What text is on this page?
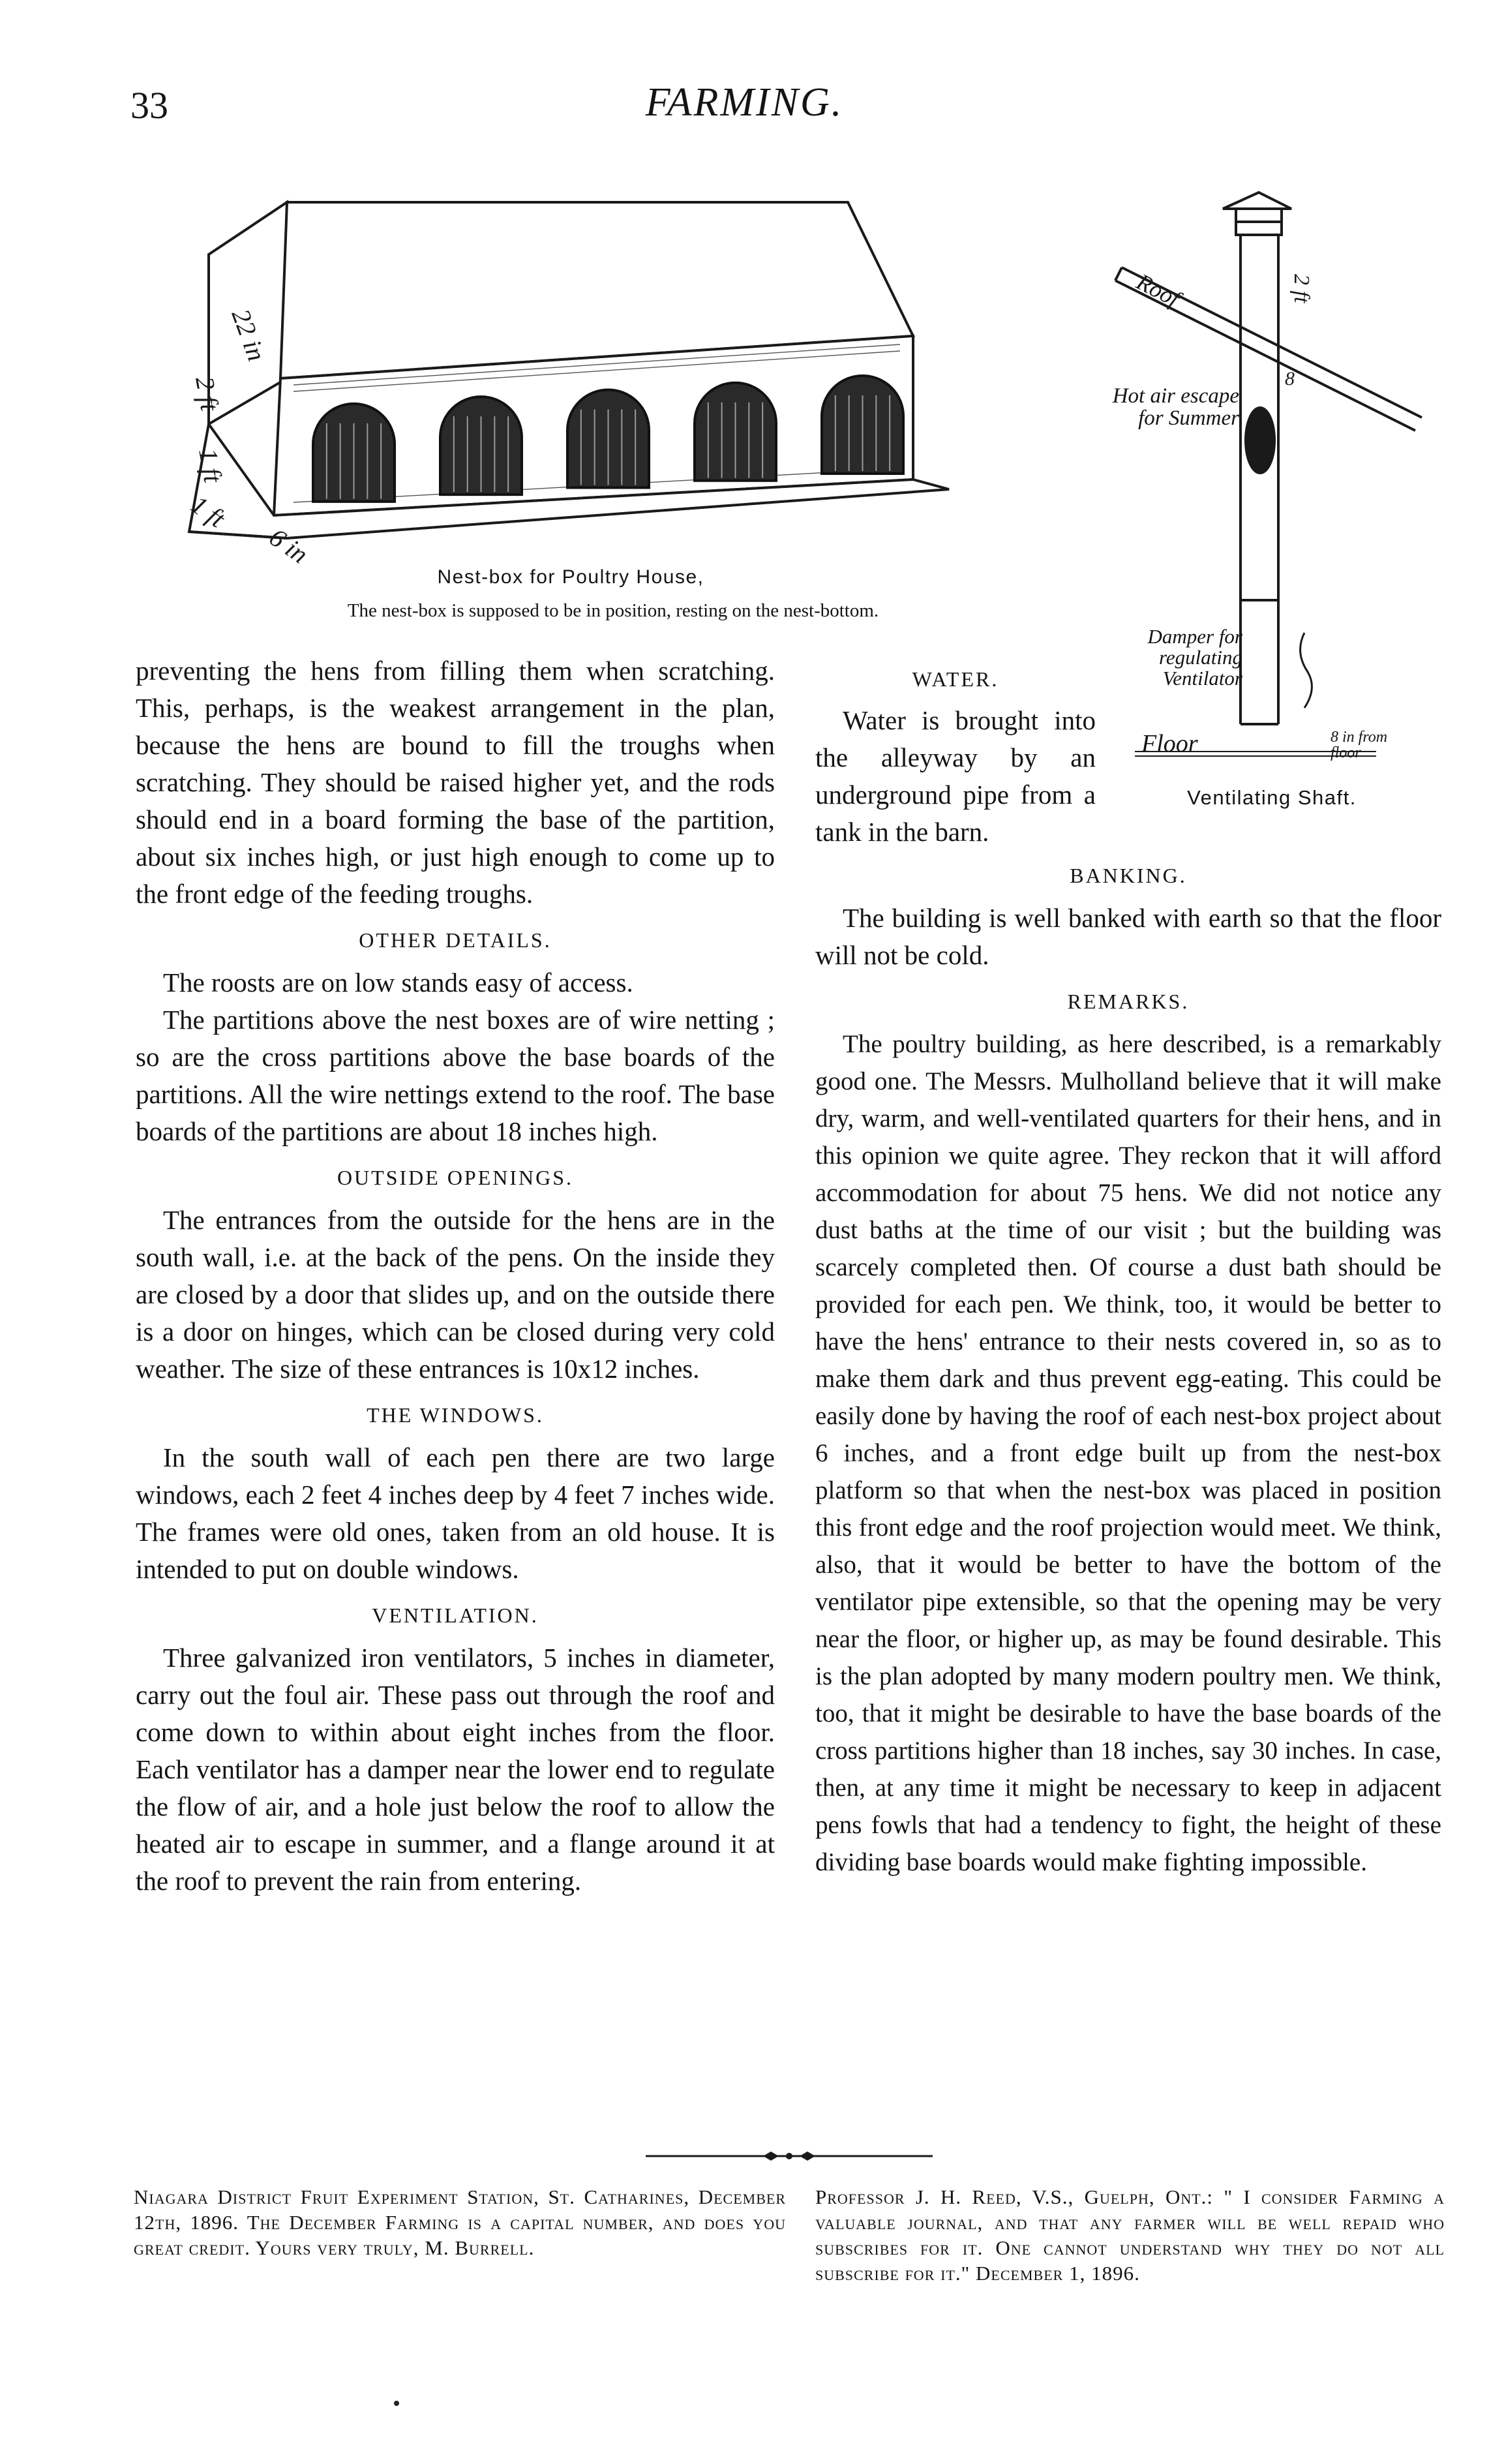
33	FARMING.
22 in
2 ft
1 ft
1 ft
6 in
Nest-box for Poultry House,
The nest-box is supposed to be in position, resting on the nest-bottom.
Roof	2 ft
8
Hot air escape for Summer
Damper for regulating Ventilator
Floor	8 in from floor
Ventilating Shaft.

preventing the hens from filling them when scratching. This, perhaps, is the weakest arrangement in the plan, because the hens are bound to fill the troughs when scratching. They should be raised higher yet, and the rods should end in a board forming the base of the partition, about six inches high, or just high enough to come up to the front edge of the feeding troughs.

OTHER DETAILS.

The roosts are on low stands easy of access.

The partitions above the nest boxes are of wire netting ; so are the cross partitions above the base boards of the partitions. All the wire nettings extend to the roof. The base boards of the partitions are about 18 inches high.

OUTSIDE OPENINGS.

The entrances from the outside for the hens are in the south wall, i.e. at the back of the pens. On the inside they are closed by a door that slides up, and on the outside there is a door on hinges, which can be closed during very cold weather. The size of these entrances is 10x12 inches.

THE WINDOWS.

In the south wall of each pen there are two large windows, each 2 feet 4 inches deep by 4 feet 7 inches wide. The frames were old ones, taken from an old house. It is intended to put on double windows.

VENTILATION.

Three galvanized iron ventilators, 5 inches in diameter, carry out the foul air. These pass out through the roof and come down to within about eight inches from the floor. Each ventilator has a damper near the lower end to regulate the flow of air, and a hole just below the roof to allow the heated air to escape in summer, and a flange around it at the roof to prevent the rain from entering.

WATER.

Water is brought into the alleyway by an underground pipe from a tank in the barn.

BANKING.

The building is well banked with earth so that the floor will not be cold.

REMARKS.

The poultry building, as here described, is a remarkably good one. The Messrs. Mulholland believe that it will make dry, warm, and well-ventilated quarters for their hens, and in this opinion we quite agree. They reckon that it will afford accommodation for about 75 hens. We did not notice any dust baths at the time of our visit ; but the building was scarcely completed then. Of course a dust bath should be provided for each pen. We think, too, it would be better to have the hens' entrance to their nests covered in, so as to make them dark and thus prevent egg-eating. This could be easily done by having the roof of each nest-box project about 6 inches, and a front edge built up from the nest-box platform so that when the nest-box was placed in position this front edge and the roof projection would meet. We think, also, that it would be better to have the bottom of the ventilator pipe extensible, so that the opening may be very near the floor, or higher up, as may be found desirable. This is the plan adopted by many modern poultry men. We think, too, that it might be desirable to have the base boards of the cross partitions higher than 18 inches, say 30 inches. In case, then, at any time it might be necessary to keep in adjacent pens fowls that had a tendency to fight, the height of these dividing base boards would make fighting impossible.

Niagara District Fruit Experiment Station, St. Catharines, December 12th, 1896. The December Farming is a capital number, and does you great credit. Yours very truly, M. Burrell.
Professor J. H. Reed, V.S., Guelph, Ont.: " I consider Farming a valuable journal, and that any farmer will be well repaid who subscribes for it. One cannot understand why they do not all subscribe for it." December 1, 1896.
